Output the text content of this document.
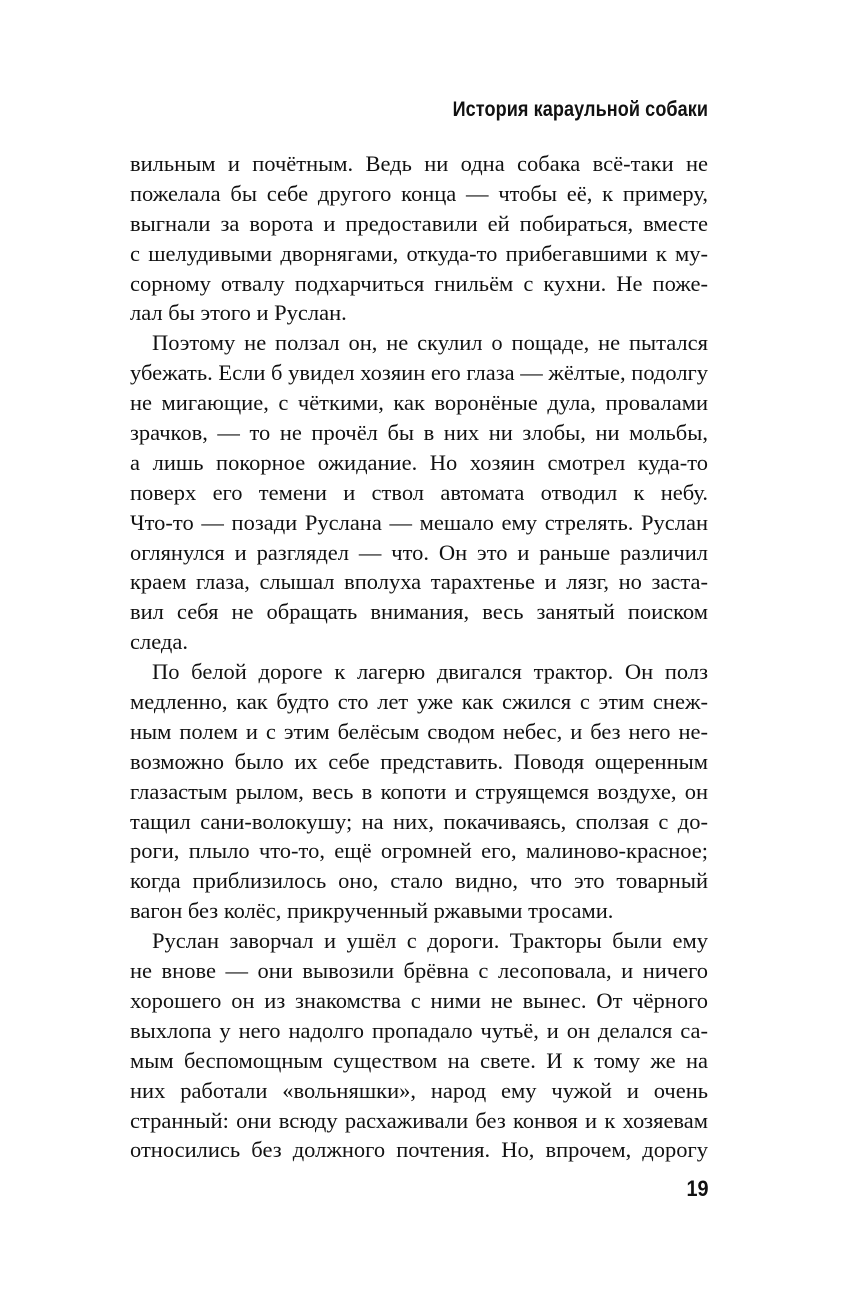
История караульной собаки
вильным и почётным. Ведь ни одна собака всё-таки не
пожелала бы себе другого конца — чтобы её, к примеру,
выгнали за ворота и предоставили ей побираться, вместе
с шелудивыми дворнягами, откуда-то прибегавшими к му-
сорному отвалу подхарчиться гнильём с кухни. Не поже-
лал бы этого и Руслан.
Поэтому не ползал он, не скулил о пощаде, не пытался
убежать. Если б увидел хозяин его глаза — жёлтые, подолгу
не мигающие, с чёткими, как воронёные дула, провалами
зрачков, — то не прочёл бы в них ни злобы, ни мольбы,
а лишь покорное ожидание. Но хозяин смотрел куда-то
поверх его темени и ствол автомата отводил к небу.
Что-то — позади Руслана — мешало ему стрелять. Руслан
оглянулся и разглядел — что. Он это и раньше различил
краем глаза, слышал вполуха тарахтенье и лязг, но заста-
вил себя не обращать внимания, весь занятый поиском
следа.
По белой дороге к лагерю двигался трактор. Он полз
медленно, как будто сто лет уже как сжился с этим снеж-
ным полем и с этим белёсым сводом небес, и без него не-
возможно было их себе представить. Поводя ощеренным
глазастым рылом, весь в копоти и струящемся воздухе, он
тащил сани-волокушу; на них, покачиваясь, сползая с до-
роги, плыло что-то, ещё огромней его, малиново-красное;
когда приблизилось оно, стало видно, что это товарный
вагон без колёс, прикрученный ржавыми тросами.
Руслан заворчал и ушёл с дороги. Тракторы были ему
не внове — они вывозили брёвна с лесоповала, и ничего
хорошего он из знакомства с ними не вынес. От чёрного
выхлопа у него надолго пропадало чутьё, и он делался са-
мым беспомощным существом на свете. И к тому же на
них работали «вольняшки», народ ему чужой и очень
странный: они всюду расхаживали без конвоя и к хозяевам
относились без должного почтения. Но, впрочем, дорогу
19
